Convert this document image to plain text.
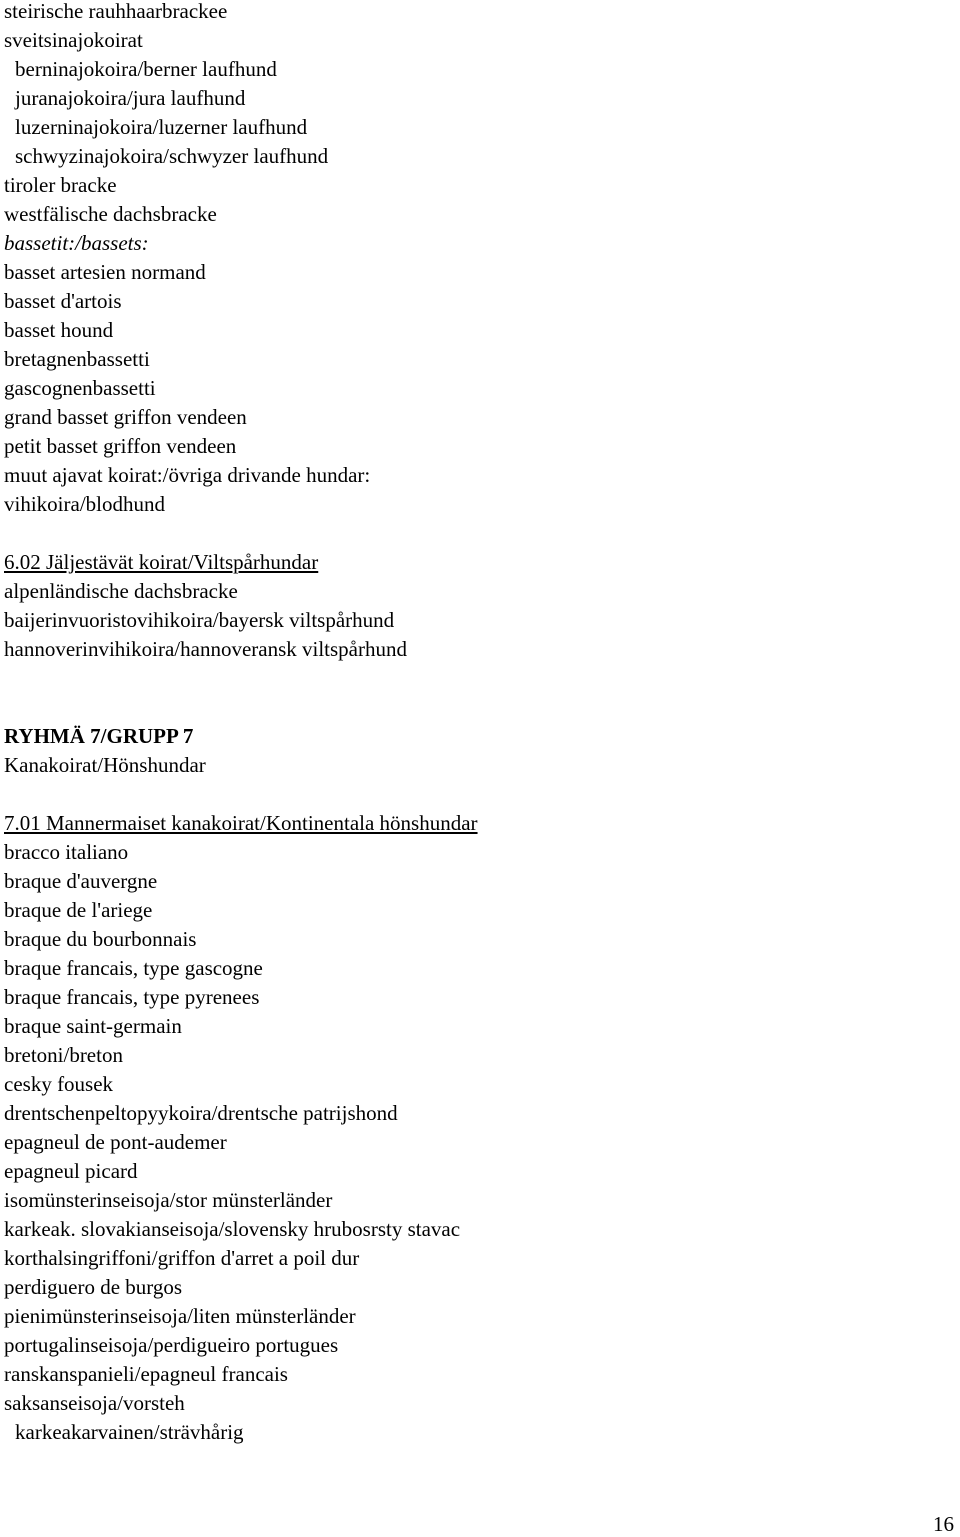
steirische rauhhaarbrackee
sveitsinajokoirat
berninajokoira/berner laufhund
juranajokoira/jura laufhund
luzerninajokoira/luzerner laufhund
schwyzinajokoira/schwyzer laufhund
tiroler bracke
westfälische dachsbracke
bassetit:/bassets:
basset artesien normand
basset d'artois
basset hound
bretagnenbassetti
gascognenbassetti
grand basset griffon vendeen
petit basset griffon vendeen
muut ajavat koirat:/övriga drivande hundar:
vihikoira/blodhund
6.02 Jäljestävät koirat/Viltspårhundar
alpenländische dachsbracke
baijerinvuoristovihikoira/bayersk viltspårhund
hannoverinvihikoira/hannoveransk viltspårhund
RYHMÄ 7/GRUPP 7
Kanakoirat/Hönshundar
7.01 Mannermaiset kanakoirat/Kontinentala hönshundar
bracco italiano
braque d'auvergne
braque de l'ariege
braque du bourbonnais
braque francais, type gascogne
braque francais, type pyrenees
braque saint-germain
bretoni/breton
cesky fousek
drentschenpeltopyykoira/drentsche patrijshond
epagneul de pont-audemer
epagneul picard
isomünsterinseisoja/stor münsterländer
karkeak. slovakianseisoja/slovensky hrubosrsty stavac
korthalsingriffoni/griffon d'arret a poil dur
perdiguero de burgos
pienimünsterinseisoja/liten münsterländer
portugalinseisoja/perdigueiro portugues
ranskanspanieli/epagneul francais
saksanseisoja/vorsteh
karkeakarvainen/strävhårig
16
